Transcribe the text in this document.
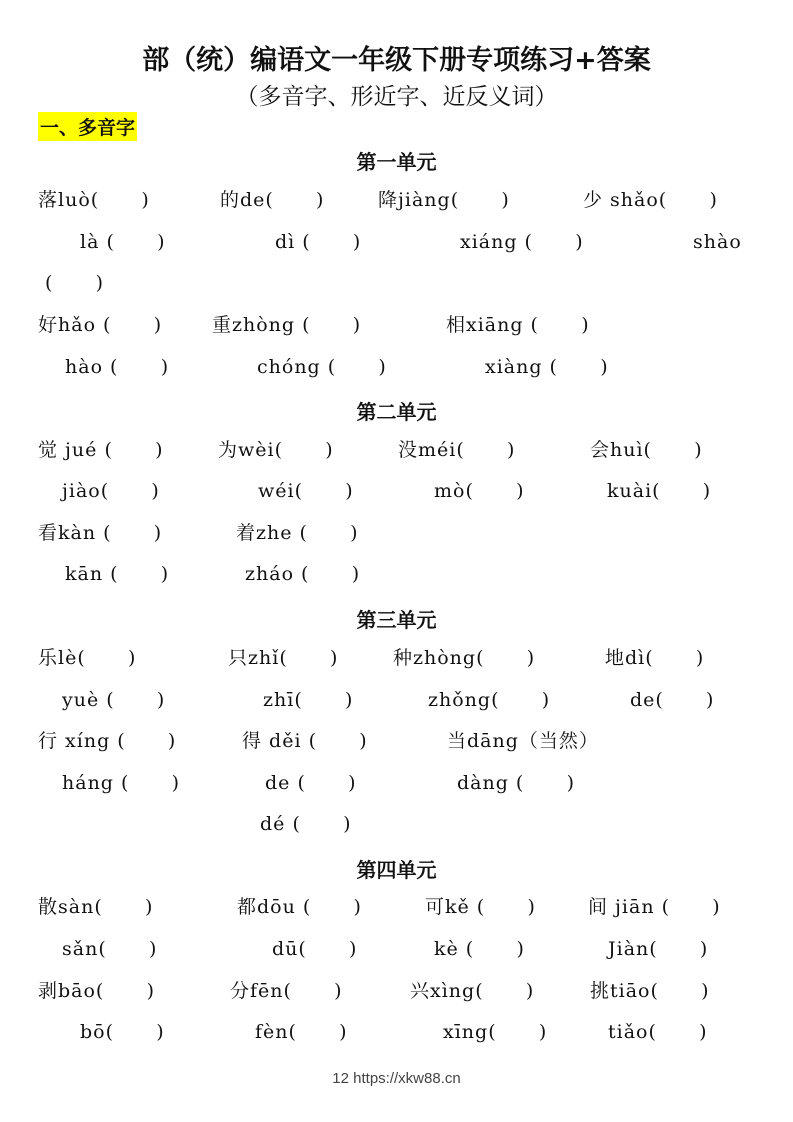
部（统）编语文一年级下册专项练习+答案
（多音字、形近字、近反义词）
一、多音字
第一单元
落luò(      )	的de(      )	降jiàng(      )	少 shǎo(      )
là (      )	dì (      )	xiáng (      )	shào
(      )
好hǎo (      )	重zhòng (      )	相xiāng (      )
hào (      )	chóng (      )	xiàng (      )
第二单元
觉 jué (      )	为wèi(      )	没méi(      )	会huì(      )
jiào(      )	wéi(      )	mò(      )	kuài(      )
看kàn (      )	着zhe (      )
kān (      )	zháo (      )
第三单元
乐lè(      )	只zhǐ(      )	种zhòng(      )	地dì(      )
yuè (      )	zhī(      )	zhǒng(      )	de(      )
行 xíng (      )	得 děi (      )	当dāng（当然）
háng (      )	de (      )	dàng (      )
dé (      )
第四单元
散sàn(      )	都dōu (      )	可kě (      )	间 jiān (      )
sǎn(      )	dū(      )	kè (      )	Jiàn(      )
剥bāo(      )	分fēn(      )	兴xìng(      )	挑tiāo(      )
bō(      )	fèn(      )	xīng(      )	tiǎo(      )
12 https://xkw88.cn
